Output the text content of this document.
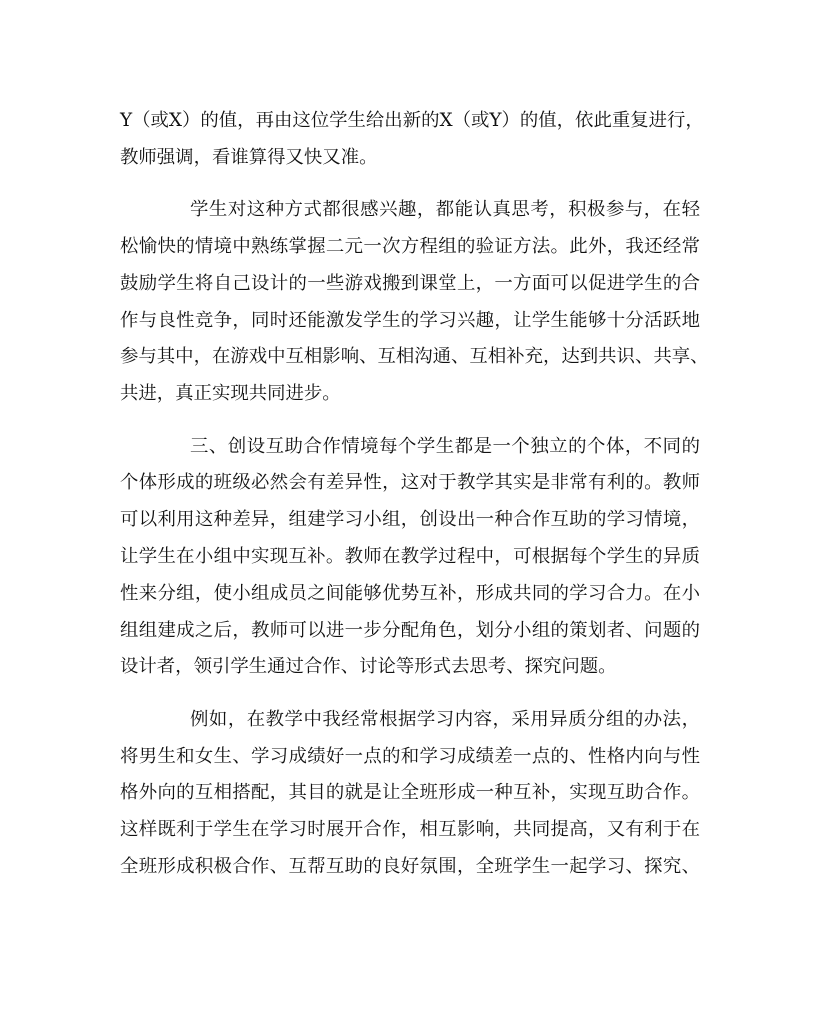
Y（或X）的值，再由这位学生给出新的X（或Y）的值，依此重复进行，
教师强调，看谁算得又快又准。
学生对这种方式都很感兴趣，都能认真思考，积极参与，在轻
松愉快的情境中熟练掌握二元一次方程组的验证方法。此外，我还经常
鼓励学生将自己设计的一些游戏搬到课堂上，一方面可以促进学生的合
作与良性竞争，同时还能激发学生的学习兴趣，让学生能够十分活跃地
参与其中，在游戏中互相影响、互相沟通、互相补充，达到共识、共享、
共进，真正实现共同进步。
三、创设互助合作情境每个学生都是一个独立的个体，不同的
个体形成的班级必然会有差异性，这对于教学其实是非常有利的。教师
可以利用这种差异，组建学习小组，创设出一种合作互助的学习情境，
让学生在小组中实现互补。教师在教学过程中，可根据每个学生的异质
性来分组，使小组成员之间能够优势互补，形成共同的学习合力。在小
组组建成之后，教师可以进一步分配角色，划分小组的策划者、问题的
设计者，领引学生通过合作、讨论等形式去思考、探究问题。
例如，在教学中我经常根据学习内容，采用异质分组的办法，
将男生和女生、学习成绩好一点的和学习成绩差一点的、性格内向与性
格外向的互相搭配，其目的就是让全班形成一种互补，实现互助合作。
这样既利于学生在学习时展开合作，相互影响，共同提高，又有利于在
全班形成积极合作、互帮互助的良好氛围，全班学生一起学习、探究、
